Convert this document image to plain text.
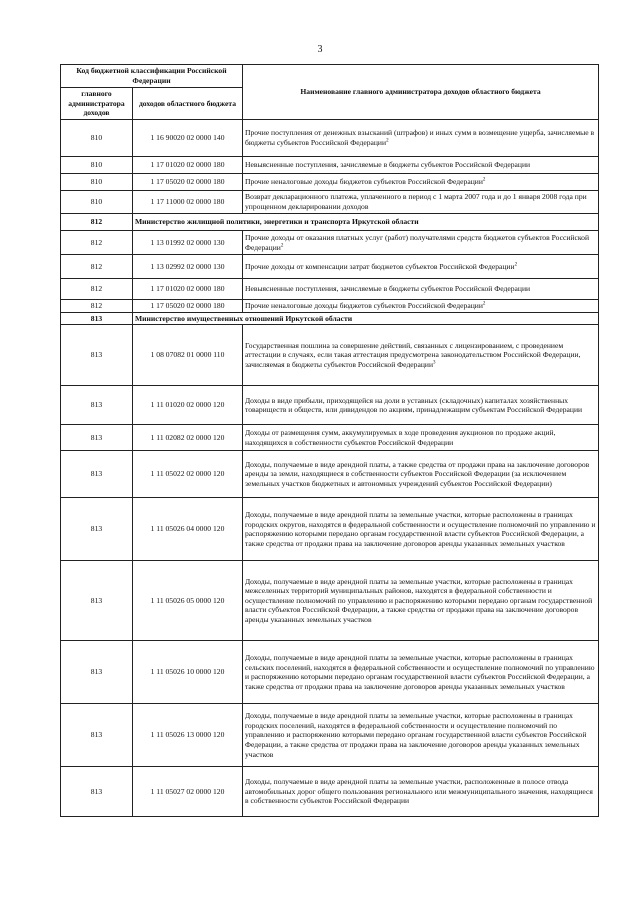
3
Код бюджетной классификации Российской Федерации		Наименование главного администратора доходов областного бюджета
главного администратора доходов	доходов областного бюджета	
810	1 16 90020 02 0000 140	Прочие поступления от денежных взысканий (штрафов) и иных сумм в возмещение ущерба, зачисляемые в бюджеты субъектов Российской Федерации$^2$
810	1 17 01020 02 0000 180	Невыясненные поступления, зачисляемые в бюджеты субъектов Российской Федерации
810	1 17 05020 02 0000 180	Прочие неналоговые доходы бюджетов субъектов Российской Федерации$^2$
810	1 17 11000 02 0000 180	Возврат декларационного платежа, уплаченного в период с 1 марта 2007 года и до 1 января 2008 года при упрощенном декларировании доходов
812	Министерство жилищной политики, энергетики и транспорта Иркутской области	
812	1 13 01992 02 0000 130	Прочие доходы от оказания платных услуг (работ) получателями средств бюджетов субъектов Российской Федерации$^2$
812	1 13 02992 02 0000 130	Прочие доходы от компенсации затрат бюджетов субъектов Российской Федерации$^2$
812	1 17 01020 02 0000 180	Невыясненные поступления, зачисляемые в бюджеты субъектов Российской Федерации
812	1 17 05020 02 0000 180	Прочие неналоговые доходы бюджетов субъектов Российской Федерации$^2$
813	Министерство имущественных отношений Иркутской области	
813	1 08 07082 01 0000 110	Государственная пошлина за совершение действий, связанных с лицензированием, с проведением аттестации в случаях, если такая аттестация предусмотрена законодательством Российской Федерации, зачисляемая в бюджеты субъектов Российской Федерации$^3$
813	1 11 01020 02 0000 120	Доходы в виде прибыли, приходящейся на доли в уставных (складочных) капиталах хозяйственных товариществ и обществ, или дивидендов по акциям, принадлежащим субъектам Российской Федерации
813	1 11 02082 02 0000 120	Доходы от размещения сумм, аккумулируемых в ходе проведения аукционов по продаже акций, находящихся в собственности субъектов Российской Федерации
813	1 11 05022 02 0000 120	Доходы, получаемые в виде арендной платы, а также средства от продажи права на заключение договоров аренды за земли, находящиеся в собственности субъектов Российской Федерации (за исключением земельных участков бюджетных и автономных учреждений субъектов Российской Федерации)
813	1 11 05026 04 0000 120	Доходы, получаемые в виде арендной платы за земельные участки, которые расположены в границах городских округов, находятся в федеральной собственности и осуществление полномочий по управлению и распоряжению которыми передано органам государственной власти субъектов Российской Федерации, а также средства от продажи права на заключение договоров аренды указанных земельных участков
813	1 11 05026 05 0000 120	Доходы, получаемые в виде арендной платы за земельные участки, которые расположены в границах межселенных территорий муниципальных районов, находятся в федеральной собственности и осуществление полномочий по управлению и распоряжению которыми передано органам государственной власти субъектов Российской Федерации, а также средства от продажи права на заключение договоров аренды указанных земельных участков
813	1 11 05026 10 0000 120	Доходы, получаемые в виде арендной платы за земельные участки, которые расположены в границах сельских поселений, находятся в федеральной собственности и осуществление полномочий по управлению и распоряжению которыми передано органам государственной власти субъектов Российской Федерации, а также средства от продажи права на заключение договоров аренды указанных земельных участков
813	1 11 05026 13 0000 120	Доходы, получаемые в виде арендной платы за земельные участки, которые расположены в границах городских поселений, находятся в федеральной собственности и осуществление полномочий по управлению и распоряжению которыми передано органам государственной власти субъектов Российской Федерации, а также средства от продажи права на заключение договоров аренды указанных земельных участков
813	1 11 05027 02 0000 120	Доходы, получаемые в виде арендной платы за земельные участки, расположенные в полосе отвода автомобильных дорог общего пользования регионального или межмуниципального значения, находящиеся в собственности субъектов Российской Федерации
